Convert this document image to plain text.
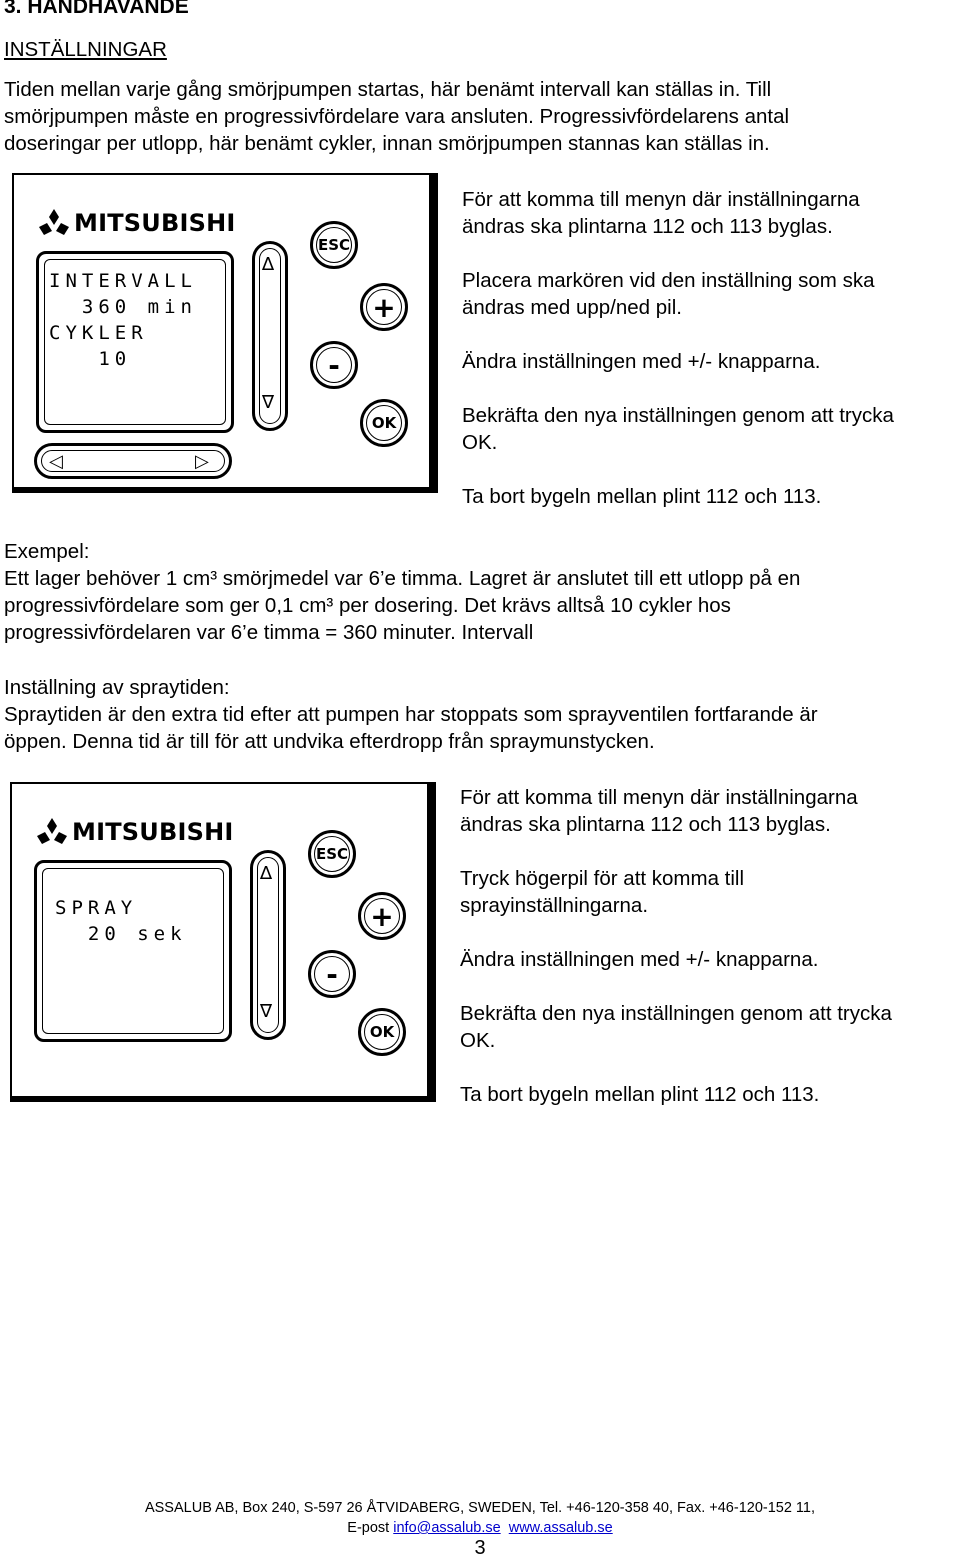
3. HANDHAVANDE
INSTÄLLNINGAR
Tiden mellan varje gång smörjpumpen startas, här benämt intervall kan ställas in. Till
smörjpumpen måste en progressivfördelare vara ansluten. Progressivfördelarens antal
doseringar per utlopp, här benämt cykler, innan smörjpumpen stannas kan ställas in.
MITSUBISHI
INTERVALL
360 min
CYKLER
10
∆
∇
◁	▷
ESC
+
-
OK
För att komma till menyn där inställningarna
ändras ska plintarna 112 och 113 byglas.
Placera markören vid den inställning som ska
ändras med upp/ned pil.
Ändra inställningen med +/- knapparna.
Bekräfta den nya inställningen genom att trycka
OK.
Ta bort bygeln mellan plint 112 och 113.
Exempel:
Ett lager behöver 1 cm³ smörjmedel var 6’e timma. Lagret är anslutet till ett utlopp på en
progressivfördelare som ger 0,1 cm³ per dosering. Det krävs alltså 10 cykler hos
progressivfördelaren var 6’e timma = 360 minuter. Intervall
Inställning av spraytiden:
Spraytiden är den extra tid efter att pumpen har stoppats som sprayventilen fortfarande är
öppen. Denna tid är till för att undvika efterdropp från spraymunstycken.
MITSUBISHI
SPRAY
20 sek
∆
∇
ESC
+
-
OK
För att komma till menyn där inställningarna
ändras ska plintarna 112 och 113 byglas.
Tryck högerpil för att komma till
sprayinställningarna.
Ändra inställningen med +/- knapparna.
Bekräfta den nya inställningen genom att trycka
OK.
Ta bort bygeln mellan plint 112 och 113.
ASSALUB AB, Box 240, S-597 26 ÅTVIDABERG, SWEDEN, Tel. +46-120-358 40, Fax. +46-120-152 11,
E-post info@assalub.se www.assalub.se
3
